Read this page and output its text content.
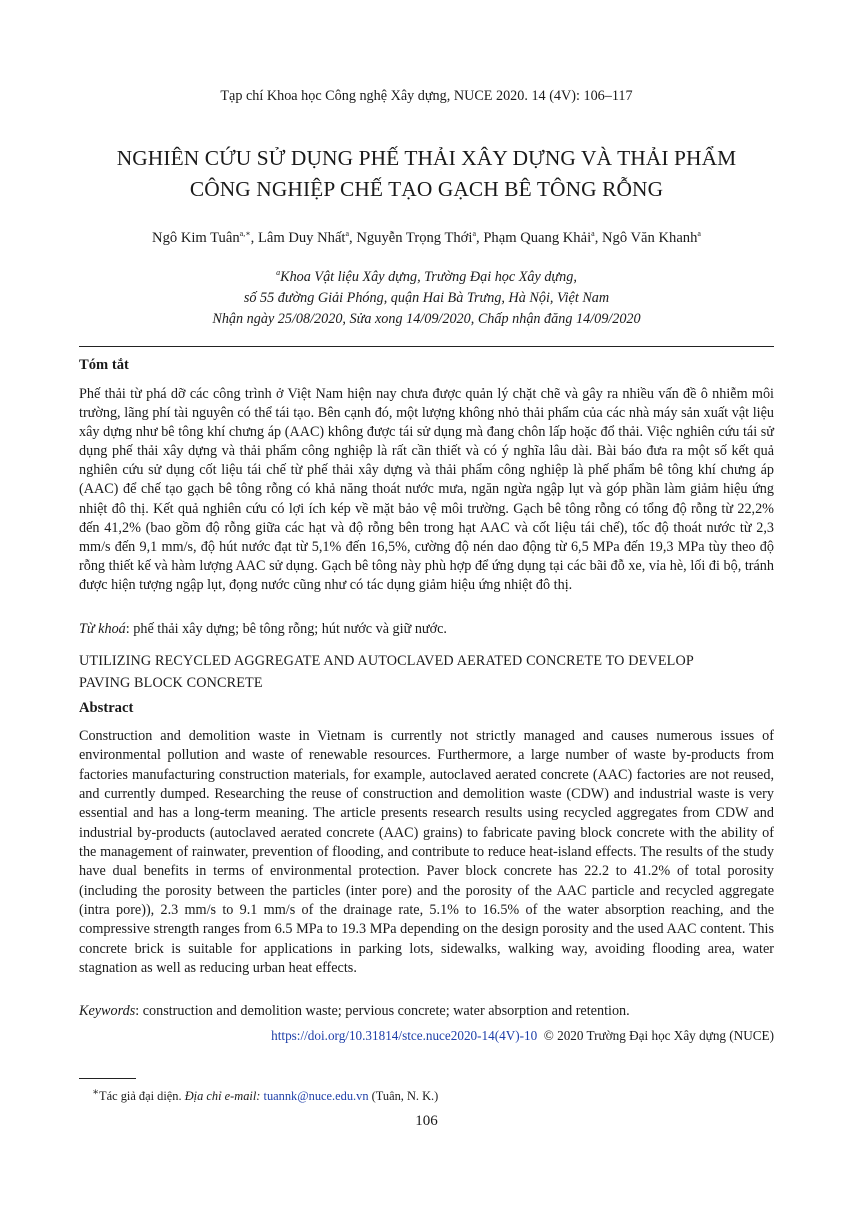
Tạp chí Khoa học Công nghệ Xây dựng, NUCE 2020. 14 (4V): 106–117
NGHIÊN CỨU SỬ DỤNG PHẾ THẢI XÂY DỰNG VÀ THẢI PHẨM
CÔNG NGHIỆP CHẾ TẠO GẠCH BÊ TÔNG RỖNG
Ngô Kim Tuân$^{a,∗}$, Lâm Duy Nhất$^a$, Nguyễn Trọng Thới$^a$, Phạm Quang Khải$^a$, Ngô Văn Khanh$^a$
$^a$Khoa Vật liệu Xây dựng, Trường Đại học Xây dựng,
số 55 đường Giải Phóng, quận Hai Bà Trưng, Hà Nội, Việt Nam
Nhận ngày 25/08/2020, Sửa xong 14/09/2020, Chấp nhận đăng 14/09/2020
Tóm tắt
Phế thải từ phá dỡ các công trình ở Việt Nam hiện nay chưa được quản lý chặt chẽ và gây ra nhiều vấn đề ô nhiễm môi trường, lãng phí tài nguyên có thể tái tạo. Bên cạnh đó, một lượng không nhỏ thải phẩm của các nhà máy sản xuất vật liệu xây dựng như bê tông khí chưng áp (AAC) không được tái sử dụng mà đang chôn lấp hoặc đổ thải. Việc nghiên cứu tái sử dụng phế thải xây dựng và thải phẩm công nghiệp là rất cần thiết và có ý nghĩa lâu dài. Bài báo đưa ra một số kết quả nghiên cứu sử dụng cốt liệu tái chế từ phế thải xây dựng và thải phẩm công nghiệp là phế phẩm bê tông khí chưng áp (AAC) để chế tạo gạch bê tông rỗng có khả năng thoát nước mưa, ngăn ngừa ngập lụt và góp phần làm giảm hiệu ứng nhiệt đô thị. Kết quả nghiên cứu có lợi ích kép về mặt bảo vệ môi trường. Gạch bê tông rỗng có tổng độ rỗng từ 22,2% đến 41,2% (bao gồm độ rỗng giữa các hạt và độ rỗng bên trong hạt AAC và cốt liệu tái chế), tốc độ thoát nước từ 2,3 mm/s đến 9,1 mm/s, độ hút nước đạt từ 5,1% đến 16,5%, cường độ nén dao động từ 6,5 MPa đến 19,3 MPa tùy theo độ rỗng thiết kế và hàm lượng AAC sử dụng. Gạch bê tông này phù hợp để ứng dụng tại các bãi đỗ xe, vỉa hè, lối đi bộ, tránh được hiện tượng ngập lụt, đọng nước cũng như có tác dụng giảm hiệu ứng nhiệt đô thị.
Từ khoá: phế thải xây dựng; bê tông rỗng; hút nước và giữ nước.
UTILIZING RECYCLED AGGREGATE AND AUTOCLAVED AERATED CONCRETE TO DEVELOP
PAVING BLOCK CONCRETE
Abstract
Construction and demolition waste in Vietnam is currently not strictly managed and causes numerous issues of environmental pollution and waste of renewable resources. Furthermore, a large number of waste by-products from factories manufacturing construction materials, for example, autoclaved aerated concrete (AAC) factories are not reused, and currently dumped. Researching the reuse of construction and demolition waste (CDW) and industrial waste is very essential and has a long-term meaning. The article presents research results using recycled aggregates from CDW and industrial by-products (autoclaved aerated concrete (AAC) grains) to fabricate paving block concrete with the ability of the management of rainwater, prevention of flooding, and contribute to reduce heat-island effects. The results of the study have dual benefits in terms of environmental protection. Paver block concrete has 22.2 to 41.2% of total porosity (including the porosity between the particles (inter pore) and the porosity of the AAC particle and recycled aggregate (intra pore)), 2.3 mm/s to 9.1 mm/s of the drainage rate, 5.1% to 16.5% of the water absorption reaching, and the compressive strength ranges from 6.5 MPa to 19.3 MPa depending on the design porosity and the used AAC content. This concrete brick is suitable for applications in parking lots, sidewalks, walking way, avoiding flooding area, water stagnation as well as reducing urban heat effects.
Keywords: construction and demolition waste; pervious concrete; water absorption and retention.
https://doi.org/10.31814/stce.nuce2020-14(4V)-10 © 2020 Trường Đại học Xây dựng (NUCE)
∗Tác giả đại diện. Địa chỉ e-mail: tuannk@nuce.edu.vn (Tuân, N. K.)
106
